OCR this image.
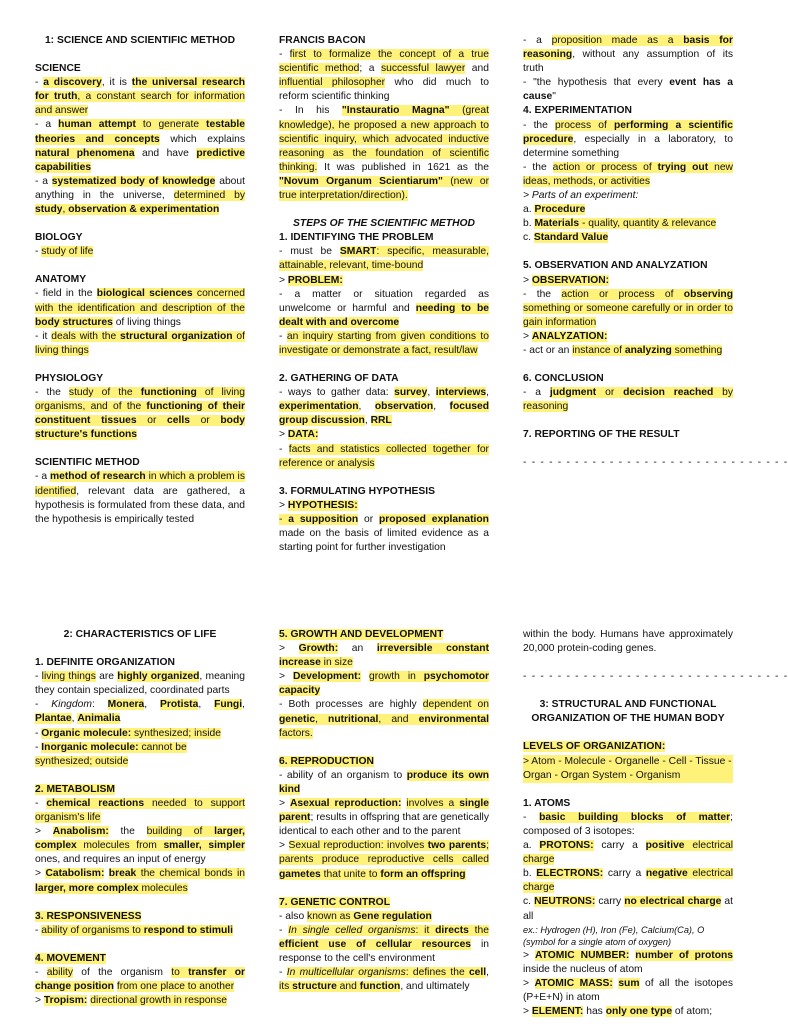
1: SCIENCE AND SCIENTIFIC METHOD

SCIENCE

- a discovery, it is the universal research for truth, a constant search for information and answer

- a human attempt to generate testable theories and concepts which explains natural phenomena and have predictive capabilities

- a systematized body of knowledge about anything in the universe, determined by study, observation & experimentation

BIOLOGY

- study of life

ANATOMY

- field in the biological sciences concerned with the identification and description of the body structures of living things

- it deals with the structural organization of living things

PHYSIOLOGY

- the study of the functioning of living organisms, and of the functioning of their constituent tissues or cells or body structure's functions

SCIENTIFIC METHOD

- a method of research in which a problem is identified, relevant data are gathered, a hypothesis is formulated from these data, and the hypothesis is empirically tested

FRANCIS BACON

- first to formalize the concept of a true scientific method; a successful lawyer and influential philosopher who did much to reform scientific thinking

- In his "Instauratio Magna" (great knowledge), he proposed a new approach to scientific inquiry, which advocated inductive reasoning as the foundation of scientific thinking. It was published in 1621 as the "Novum Organum Scientiarum" (new or true interpretation/direction).

STEPS OF THE SCIENTIFIC METHOD

1. IDENTIFYING THE PROBLEM

- must be SMART: specific, measurable, attainable, relevant, time-bound

> PROBLEM:

- a matter or situation regarded as unwelcome or harmful and needing to be dealt with and overcome

- an inquiry starting from given conditions to investigate or demonstrate a fact, result/law

2. GATHERING OF DATA

- ways to gather data: survey, interviews, experimentation, observation, focused group discussion, RRL

> DATA:

- facts and statistics collected together for reference or analysis

3. FORMULATING HYPOTHESIS

> HYPOTHESIS:

- a supposition or proposed explanation made on the basis of limited evidence as a starting point for further investigation

- a proposition made as a basis for reasoning, without any assumption of its truth

- "the hypothesis that every event has a cause"

4. EXPERIMENTATION

- the process of performing a scientific procedure, especially in a laboratory, to determine something

- the action or process of trying out new ideas, methods, or activities

> Parts of an experiment:

a. Procedure

b. Materials - quality, quantity & relevance

c. Standard Value

5. OBSERVATION AND ANALYZATION

> OBSERVATION:

- the action or process of observing something or someone carefully or in order to gain information

> ANALYZATION:

- act or an instance of analyzing something

6. CONCLUSION

- a judgment or decision reached by reasoning

7. REPORTING OF THE RESULT

- - - - - - - - - - - - - - - - - - - - - - - - - - - - - - -

2: CHARACTERISTICS OF LIFE

1. DEFINITE ORGANIZATION

- living things are highly organized, meaning they contain specialized, coordinated parts

- Kingdom: Monera, Protista, Fungi, Plantae, Animalia

- Organic molecule: synthesized; inside

- Inorganic molecule: cannot be synthesized; outside

2. METABOLISM

- chemical reactions needed to support organism's life

> Anabolism: the building of larger, complex molecules from smaller, simpler ones, and requires an input of energy

> Catabolism: break the chemical bonds in larger, more complex molecules

3. RESPONSIVENESS

- ability of organisms to respond to stimuli

4. MOVEMENT

- ability of the organism to transfer or change position from one place to another

> Tropism: directional growth in response

5. GROWTH AND DEVELOPMENT

> Growth: an irreversible constant increase in size

> Development: growth in psychomotor capacity

- Both processes are highly dependent on genetic, nutritional, and environmental factors.

6. REPRODUCTION

- ability of an organism to produce its own kind

> Asexual reproduction: involves a single parent; results in offspring that are genetically identical to each other and to the parent

> Sexual reproduction: involves two parents; parents produce reproductive cells called gametes that unite to form an offspring

7. GENETIC CONTROL

- also known as Gene regulation

- In single celled organisms: it directs the efficient use of cellular resources in response to the cell's environment

- In multicellular organisms: defines the cell, its structure and function, and ultimately

within the body. Humans have approximately 20,000 protein-coding genes.

- - - - - - - - - - - - - - - - - - - - - - - - - - - - - - -

3: STRUCTURAL AND FUNCTIONAL ORGANIZATION OF THE HUMAN BODY

LEVELS OF ORGANIZATION:

> Atom - Molecule - Organelle - Cell - Tissue - Organ - Organ System - Organism

1. ATOMS

- basic building blocks of matter; composed of 3 isotopes:

a. PROTONS: carry a positive electrical charge

b. ELECTRONS: carry a negative electrical charge

c. NEUTRONS: carry no electrical charge at all

ex.: Hydrogen (H), Iron (Fe), Calcium(Ca), O (symbol for a single atom of oxygen)

> ATOMIC NUMBER: number of protons inside the nucleus of atom

> ATOMIC MASS: sum of all the isotopes (P+E+N) in atom

> ELEMENT: has only one type of atom;
